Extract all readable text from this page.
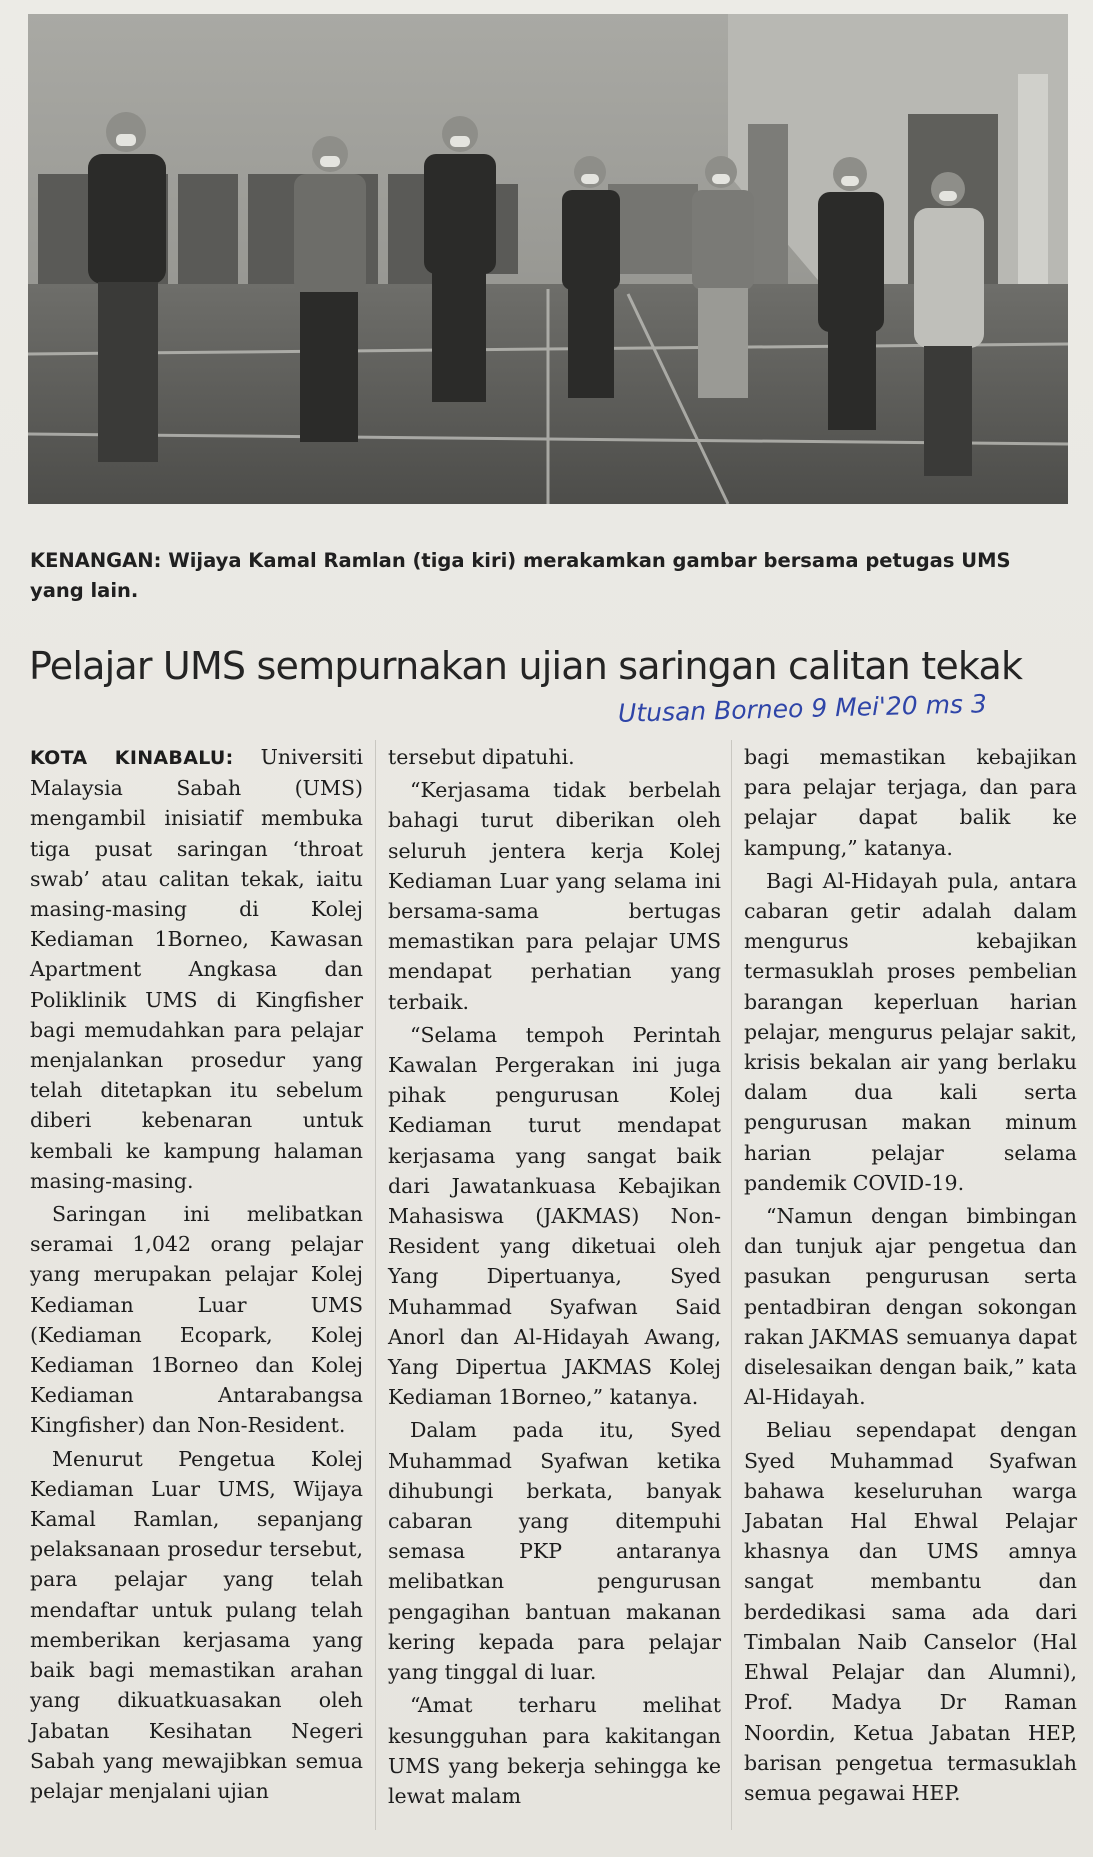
KENANGAN: Wijaya Kamal Ramlan (tiga kiri) merakamkan gambar bersama petugas UMS yang lain.
Pelajar UMS sempurnakan ujian saringan calitan tekak
Utusan Borneo 9 Mei'20 ms 3

KOTA KINABALU: Universiti Malaysia Sabah (UMS) mengambil inisiatif membuka tiga pusat saringan ‘throat swab’ atau calitan tekak, iaitu masing-masing di Kolej Kediaman 1Borneo, Kawasan Apartment Angkasa dan Poliklinik UMS di Kingfisher bagi memudahkan para pelajar menjalankan prosedur yang telah ditetapkan itu sebelum diberi kebenaran untuk kembali ke kampung halaman masing-masing.

Saringan ini melibatkan seramai 1,042 orang pelajar yang merupakan pelajar Kolej Kediaman Luar UMS (Kediaman Ecopark, Kolej Kediaman 1Borneo dan Kolej Kediaman Antarabangsa Kingfisher) dan Non-Resident.

Menurut Pengetua Kolej Kediaman Luar UMS, Wijaya Kamal Ramlan, sepanjang pelaksanaan prosedur tersebut, para pelajar yang telah mendaftar untuk pulang telah memberikan kerjasama yang baik bagi memastikan arahan yang dikuatkuasakan oleh Jabatan Kesihatan Negeri Sabah yang mewajibkan semua pelajar menjalani ujian

tersebut dipatuhi.

“Kerjasama tidak berbelah bahagi turut diberikan oleh seluruh jentera kerja Kolej Kediaman Luar yang selama ini bersama-sama bertugas memastikan para pelajar UMS mendapat perhatian yang terbaik.

“Selama tempoh Perintah Kawalan Pergerakan ini juga pihak pengurusan Kolej Kediaman turut mendapat kerjasama yang sangat baik dari Jawatankuasa Kebajikan Mahasiswa (JAKMAS) Non-Resident yang diketuai oleh Yang Dipertuanya, Syed Muhammad Syafwan Said Anorl dan Al-Hidayah Awang, Yang Dipertua JAKMAS Kolej Kediaman 1Borneo,” katanya.

Dalam pada itu, Syed Muhammad Syafwan ketika dihubungi berkata, banyak cabaran yang ditempuhi semasa PKP antaranya melibatkan pengurusan pengagihan bantuan makanan kering kepada para pelajar yang tinggal di luar.

“Amat terharu melihat kesungguhan para kakitangan UMS yang bekerja sehingga ke lewat malam

bagi memastikan kebajikan para pelajar terjaga, dan para pelajar dapat balik ke kampung,” katanya.

Bagi Al-Hidayah pula, antara cabaran getir adalah dalam mengurus kebajikan termasuklah proses pembelian barangan keperluan harian pelajar, mengurus pelajar sakit, krisis bekalan air yang berlaku dalam dua kali serta pengurusan makan minum harian pelajar selama pandemik COVID-19.

“Namun dengan bimbingan dan tunjuk ajar pengetua dan pasukan pengurusan serta pentadbiran dengan sokongan rakan JAKMAS semuanya dapat diselesaikan dengan baik,” kata Al-Hidayah.

Beliau sependapat dengan Syed Muhammad Syafwan bahawa keseluruhan warga Jabatan Hal Ehwal Pelajar khasnya dan UMS amnya sangat membantu dan berdedikasi sama ada dari Timbalan Naib Canselor (Hal Ehwal Pelajar dan Alumni), Prof. Madya Dr Raman Noordin, Ketua Jabatan HEP, barisan pengetua termasuklah semua pegawai HEP.
